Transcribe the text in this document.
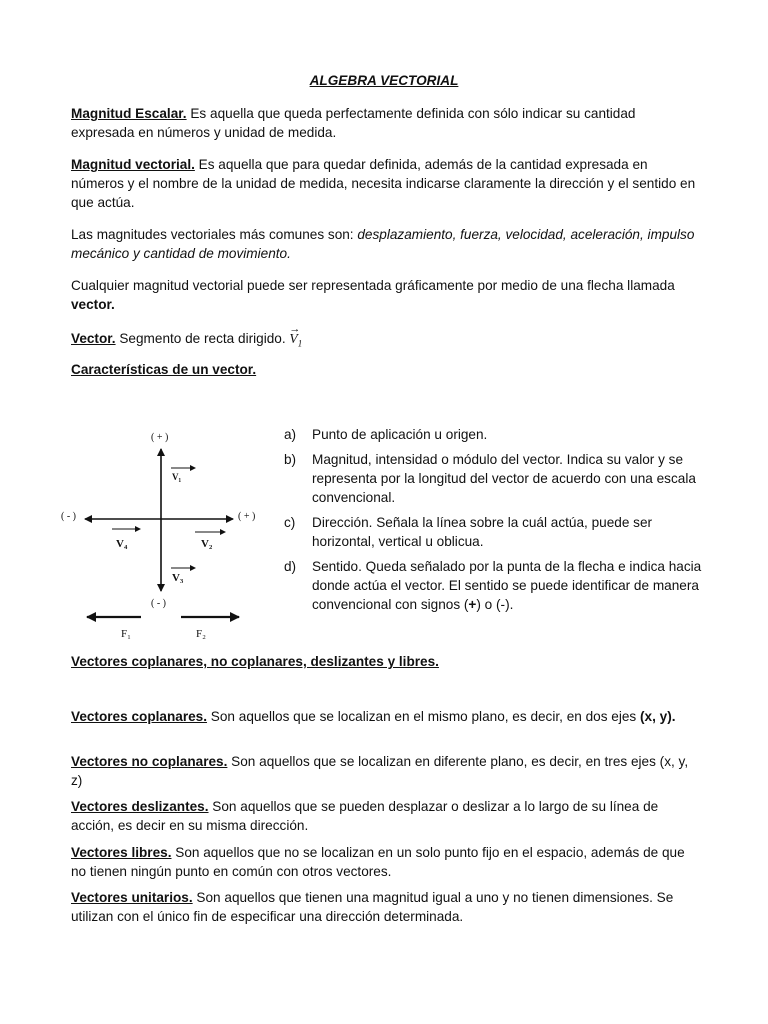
ALGEBRA VECTORIAL
Magnitud Escalar. Es aquella que queda perfectamente definida con sólo indicar su cantidad expresada en números y unidad de medida.
Magnitud vectorial. Es aquella que para quedar definida, además de la cantidad expresada en números y el nombre de la unidad de medida, necesita indicarse claramente la dirección y el sentido en que actúa.
Las magnitudes vectoriales más comunes son: desplazamiento, fuerza, velocidad, aceleración, impulso mecánico y cantidad de movimiento.
Cualquier magnitud vectorial puede ser representada gráficamente por medio de una flecha llamada vector.
Vector. Segmento de recta dirigido.
→
$V_1$
Características de un vector.
( + )
( - )
( - )	( + )
V₁
V₂
V₄
V₃
F₁	F₂
a) Punto de aplicación u origen.
b) Magnitud, intensidad o módulo del vector. Indica su valor y se representa por la longitud del vector de acuerdo con una escala convencional.
c) Dirección. Señala la línea sobre la cuál actúa, puede ser horizontal, vertical u oblicua.
d) Sentido. Queda señalado por la punta de la flecha e indica hacia donde actúa el vector. El sentido se puede identificar de manera convencional con signos (+) o (-).
Vectores coplanares, no coplanares, deslizantes y libres.
Vectores coplanares. Son aquellos que se localizan en el mismo plano, es decir, en dos ejes (x, y).
Vectores no coplanares. Son aquellos que se localizan en diferente plano, es decir, en tres ejes (x, y, z)
Vectores deslizantes. Son aquellos que se pueden desplazar o deslizar a lo largo de su línea de acción, es decir en su misma dirección.
Vectores libres. Son aquellos que no se localizan en un solo punto fijo en el espacio, además de que no tienen ningún punto en común con otros vectores.
Vectores unitarios. Son aquellos que tienen una magnitud igual a uno y no tienen dimensiones. Se utilizan con el único fin de especificar una dirección determinada.
